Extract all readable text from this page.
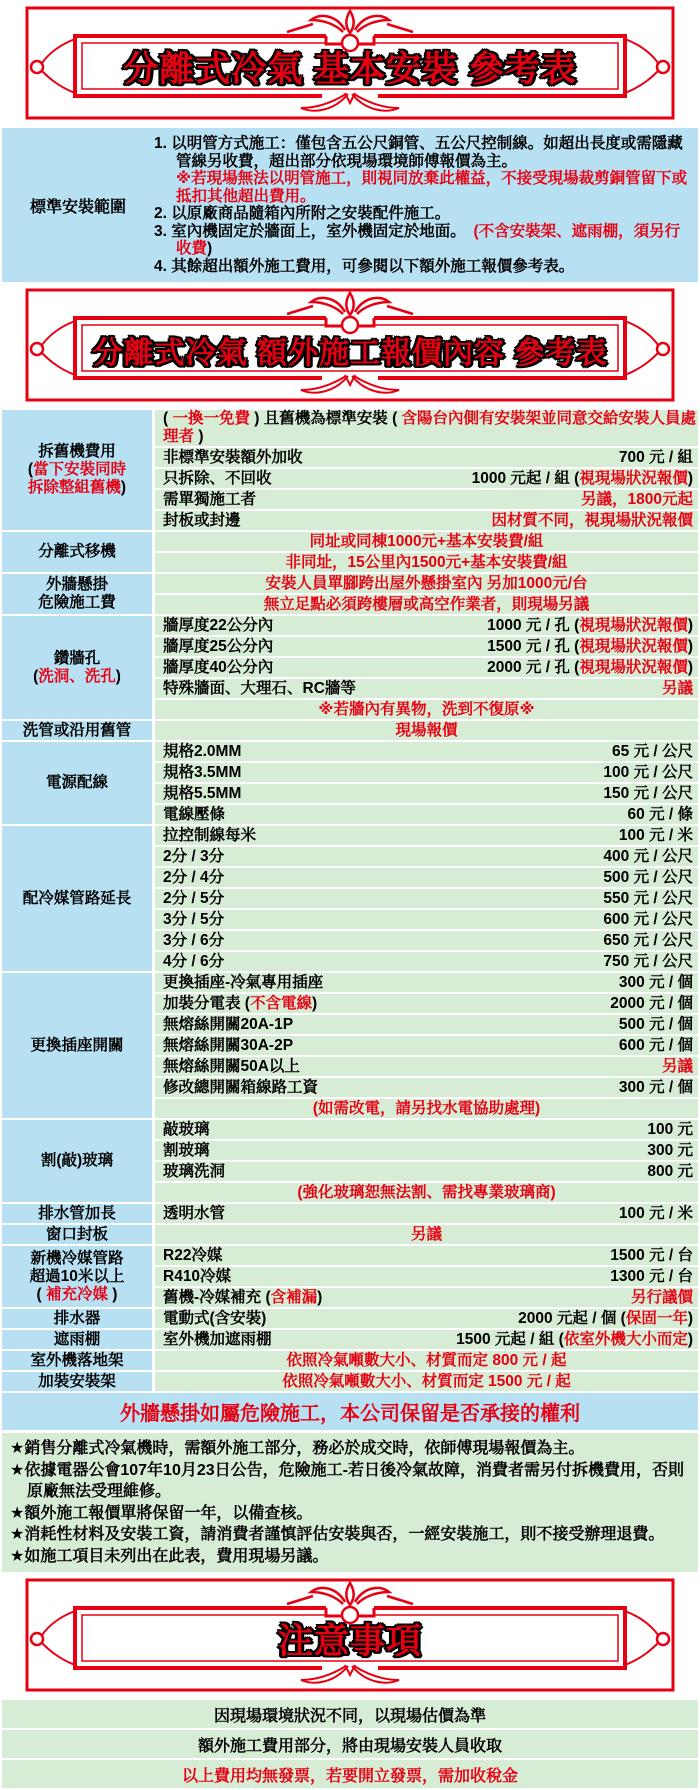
分離式冷氣 基本安裝 參考表
標準安裝範圍
1. 以明管方式施工：僅包含五公尺銅管、五公尺控制線。如超出長度或需隱藏管線另收費，超出部分依現場環境師傅報價為主。
※若現場無法以明管施工，則視同放棄此權益，不接受現場裁剪銅管留下或抵扣其他超出費用。
2. 以原廠商品隨箱內所附之安裝配件施工。
3. 室內機固定於牆面上，室外機固定於地面。　(不含安裝架、遮雨棚，須另行收費)
4. 其餘超出額外施工費用，可參閱以下額外施工報價參考表。
分離式冷氣 額外施工報價內容 參考表
拆舊機費用
(當下安裝同時
拆除整組舊機)
( 一換一免費 ) 且舊機為標準安裝 ( 含陽台內側有安裝架並同意交給安裝人員處理者 )
非標準安裝額外加收	700 元 / 組
只拆除、不回收	1000 元起 / 組 (視現場狀況報價)
需單獨施工者	另議，1800元起
封板或封邊	因材質不同，視現場狀況報價
分離式移機
同址或同棟1000元+基本安裝費/組
非同址，15公里內1500元+基本安裝費/組
外牆懸掛
危險施工費
安裝人員單腳跨出屋外懸掛室內 另加1000元/台
無立足點必須跨樓層或高空作業者，則現場另議
鑽牆孔
(洗洞、洗孔)
牆厚度22公分內	1000 元 / 孔 (視現場狀況報價)
牆厚度25公分內	1500 元 / 孔 (視現場狀況報價)
牆厚度40公分內	2000 元 / 孔 (視現場狀況報價)
特殊牆面、大理石、RC牆等	另議
※若牆內有異物，洗到不復原※
洗管或沿用舊管	現場報價
電源配線
規格2.0MM	65 元 / 公尺
規格3.5MM	100 元 / 公尺
規格5.5MM	150 元 / 公尺
電線壓條	60 元 / 條
配冷媒管路延長
拉控制線每米	100 元 / 米
2分 / 3分	400 元 / 公尺
2分 / 4分	500 元 / 公尺
2分 / 5分	550 元 / 公尺
3分 / 5分	600 元 / 公尺
3分 / 6分	650 元 / 公尺
4分 / 6分	750 元 / 公尺
更換插座開關
更換插座-冷氣專用插座	300 元 / 個
加裝分電表 (不含電線)	2000 元 / 個
無熔絲開關20A-1P	500 元 / 個
無熔絲開關30A-2P	600 元 / 個
無熔絲開關50A以上	另議
修改總開關箱線路工資	300 元 / 個
(如需改電，請另找水電協助處理)
割(敲)玻璃
敲玻璃	100 元
割玻璃	300 元
玻璃洗洞	800 元
(強化玻璃恕無法割、需找專業玻璃商)
排水管加長	透明水管	100 元 / 米
窗口封板	另議
新機冷媒管路
超過10米以上
( 補充冷媒 )
R22冷媒	1500 元 / 台
R410冷媒	1300 元 / 台
舊機-冷媒補充 (含補漏)	另行議價
排水器	電動式(含安裝)	2000 元起 / 個 (保固一年)
遮雨棚	室外機加遮雨棚	1500 元起 / 組 (依室外機大小而定)
室外機落地架	依照冷氣噸數大小、材質而定 800 元 / 起
加裝安裝架	依照冷氣噸數大小、材質而定 1500 元 / 起
外牆懸掛如屬危險施工，本公司保留是否承接的權利
★銷售分離式冷氣機時，需額外施工部分，務必於成交時，依師傅現場報價為主。
★依據電器公會107年10月23日公告，危險施工-若日後冷氣故障，消費者需另付拆機費用，否則原廠無法受理維修。
★額外施工報價單將保留一年，以備查核。
★消耗性材料及安裝工資，請消費者謹慎評估安裝與否，一經安裝施工，則不接受辦理退費。
★如施工項目未列出在此表，費用現場另議。
注意事項
因現場環境狀況不同，以現場估價為準
額外施工費用部分，將由現場安裝人員收取
以上費用均無發票，若要開立發票，需加收稅金
